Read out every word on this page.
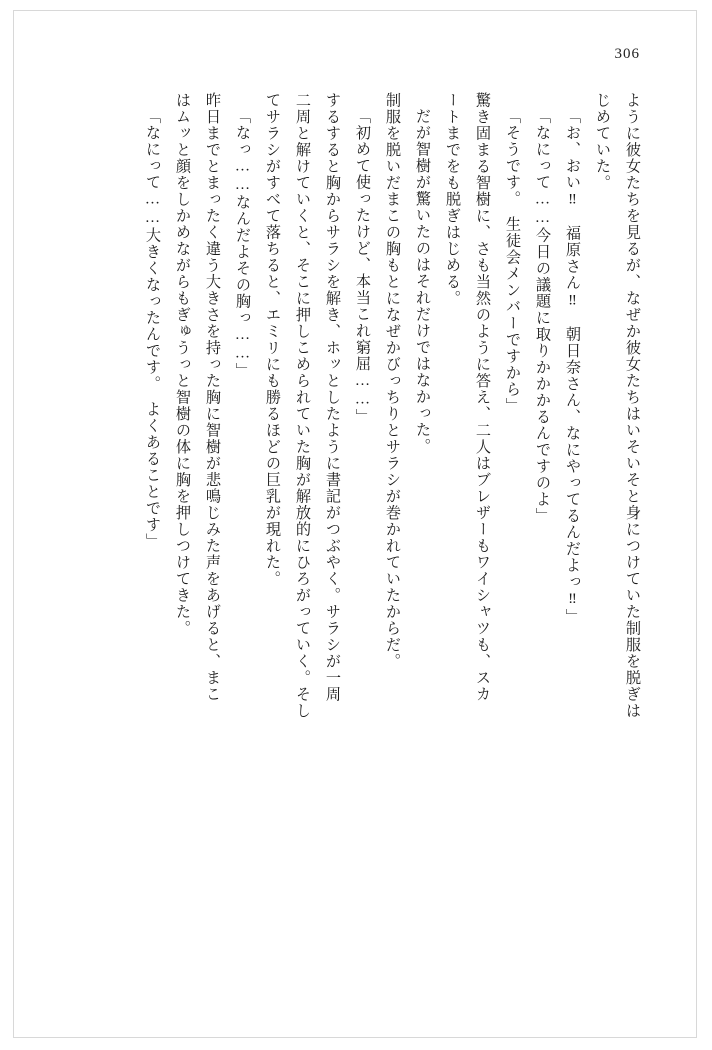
306
ように彼女たちを見るが、なぜか彼女たちはいそいそと身につけていた制服を脱ぎは
じめていた。
「お、おい‼　福原さん‼　朝日奈さん、なにやってるんだよっ‼」
「なにって……今日の議題に取りかかかるんですのよ」
「そうです。　生徒会メンバーですから」
驚き固まる智樹に、さも当然のように答え、二人はブレザーもワイシャツも、スカ
ートまでをも脱ぎはじめる。
だが智樹が驚いたのはそれだけではなかった。
制服を脱いだまこの胸もとになぜかびっちりとサラシが巻かれていたからだ。
「初めて使ったけど、本当これ窮屈……」
するすると胸からサラシを解き、ホッとしたように書記がつぶやく。サラシが一周
二周と解けていくと、そこに押しこめられていた胸が解放的にひろがっていく。そし
てサラシがすべて落ちると、エミリにも勝るほどの巨乳が現れた。
「なっ……なんだよその胸っ……」
昨日までとまったく違う大きさを持った胸に智樹が悲鳴じみた声をあげると、まこ
はムッと顔をしかめながらもぎゅうっと智樹の体に胸を押しつけてきた。
「なにって……大きくなったんです。　よくあることです」
